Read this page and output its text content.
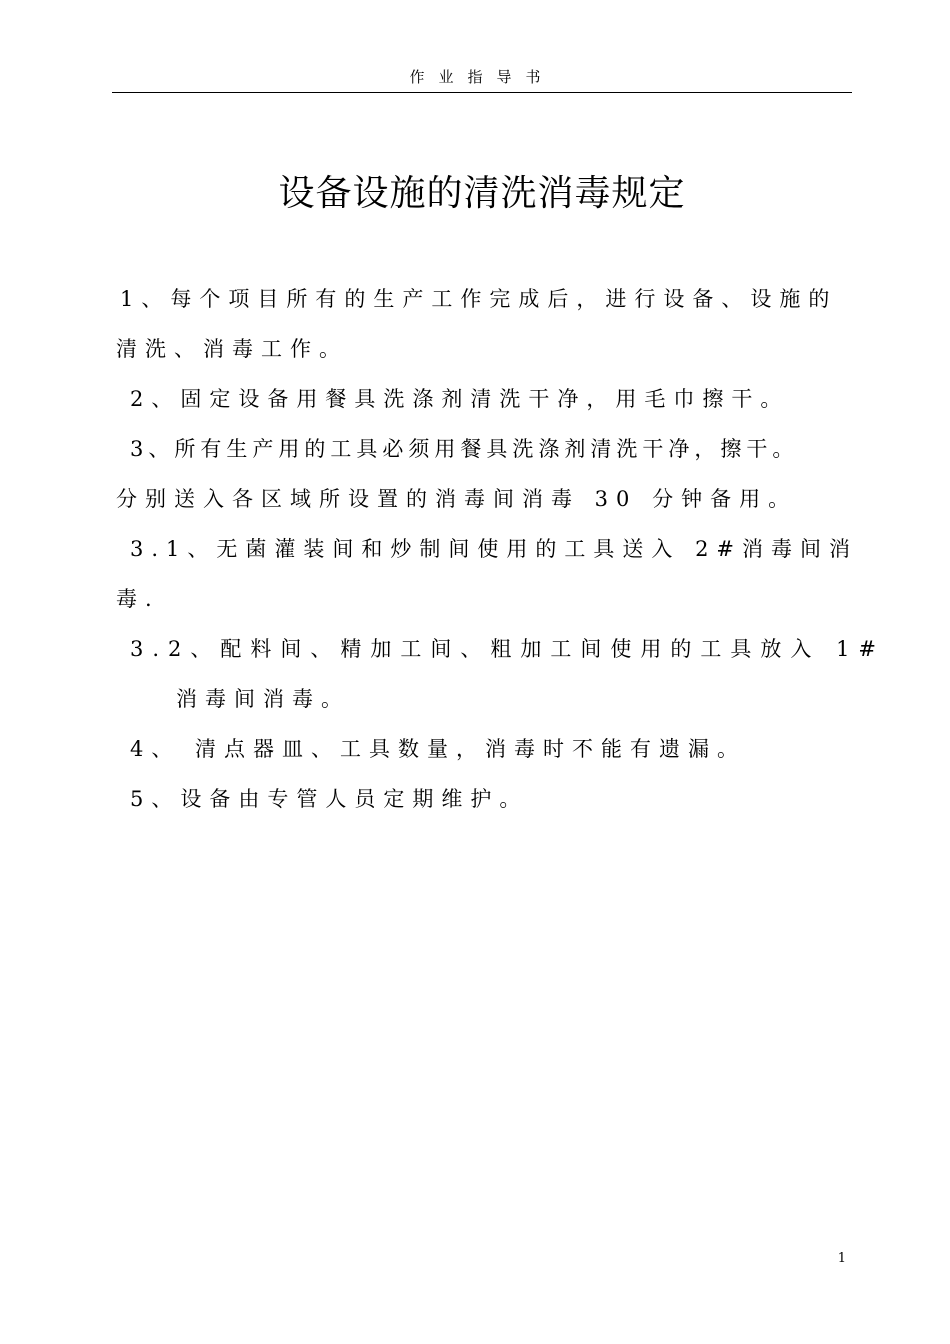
作业指导书
设备设施的清洗消毒规定
1、每个项目所有的生产工作完成后，进行设备、设施的
清洗、消毒工作。
2、固定设备用餐具洗涤剂清洗干净，用毛巾擦干。
3、所有生产用的工具必须用餐具洗涤剂清洗干净，擦干。
分别送入各区域所设置的消毒间消毒 30 分钟备用。
3.1、无菌灌装间和炒制间使用的工具送入 2#消毒间消
毒.
3.2、配料间、精加工间、粗加工间使用的工具放入 1#
消毒间消毒。
4、 清点器皿、工具数量，消毒时不能有遗漏。
5、设备由专管人员定期维护。
1
